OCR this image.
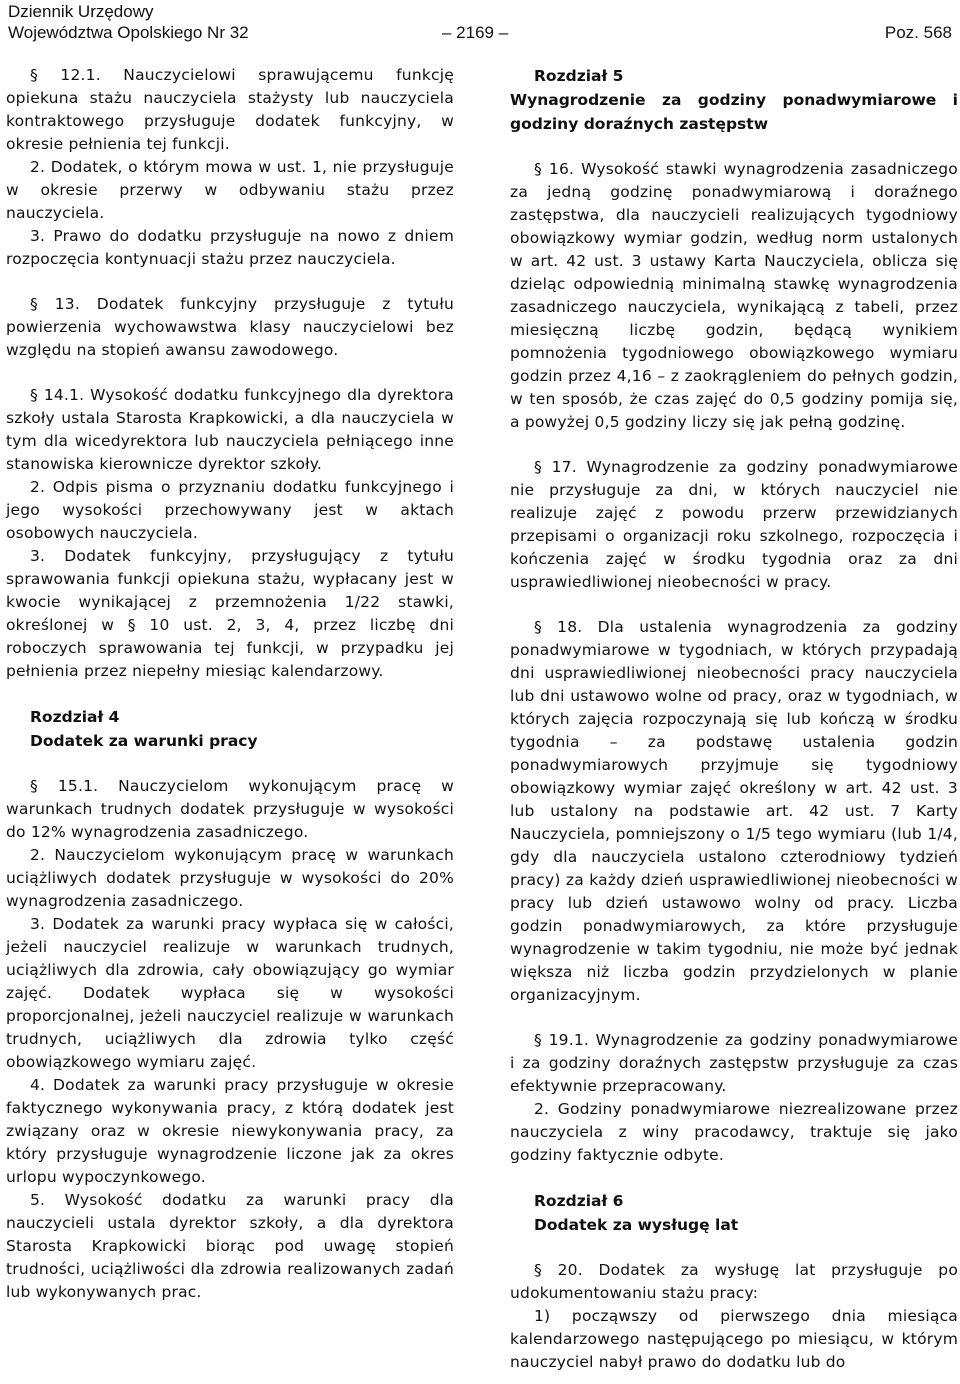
Dziennik Urzędowy
Województwa Opolskiego Nr 32	– 2169 –	Poz. 568

§ 12.1. Nauczycielowi sprawującemu funkcję opiekuna stażu nauczyciela stażysty lub nauczyciela kontraktowego przysługuje dodatek funkcyjny, w okresie pełnienia tej funkcji.

2. Dodatek, o którym mowa w ust. 1, nie przysługuje w okresie przerwy w odbywaniu stażu przez nauczyciela.

3. Prawo do dodatku przysługuje na nowo z dniem rozpoczęcia kontynuacji stażu przez nauczyciela.

§ 13. Dodatek funkcyjny przysługuje z tytułu powierzenia wychowawstwa klasy nauczycielowi bez względu na stopień awansu zawodowego.

§ 14.1. Wysokość dodatku funkcyjnego dla dyrektora szkoły ustala Starosta Krapkowicki, a dla nauczyciela w tym dla wicedyrektora lub nauczyciela pełniącego inne stanowiska kierownicze dyrektor szkoły.

2. Odpis pisma o przyznaniu dodatku funkcyjnego i jego wysokości przechowywany jest w aktach osobowych nauczyciela.

3. Dodatek funkcyjny, przysługujący z tytułu sprawowania funkcji opiekuna stażu, wypłacany jest w kwocie wynikającej z przemnożenia 1/22 stawki, określonej w § 10 ust. 2, 3, 4, przez liczbę dni roboczych sprawowania tej funkcji, w przypadku jej pełnienia przez niepełny miesiąc kalendarzowy.

Rozdział 4

Dodatek za warunki pracy

§ 15.1. Nauczycielom wykonującym pracę w warunkach trudnych dodatek przysługuje w wysokości do 12% wynagrodzenia zasadniczego.

2. Nauczycielom wykonującym pracę w warunkach uciążliwych dodatek przysługuje w wysokości do 20% wynagrodzenia zasadniczego.

3. Dodatek za warunki pracy wypłaca się w całości, jeżeli nauczyciel realizuje w warunkach trudnych, uciążliwych dla zdrowia, cały obowiązujący go wymiar zajęć. Dodatek wypłaca się w wysokości proporcjonalnej, jeżeli nauczyciel realizuje w warunkach trudnych, uciążliwych dla zdrowia tylko część obowiązkowego wymiaru zajęć.

4. Dodatek za warunki pracy przysługuje w okresie faktycznego wykonywania pracy, z którą dodatek jest związany oraz w okresie niewykonywania pracy, za który przysługuje wynagrodzenie liczone jak za okres urlopu wypoczynkowego.

5. Wysokość dodatku za warunki pracy dla nauczycieli ustala dyrektor szkoły, a dla dyrektora Starosta Krapkowicki biorąc pod uwagę stopień trudności, uciążliwości dla zdrowia realizowanych zadań lub wykonywanych prac.

Rozdział 5

Wynagrodzenie za godziny ponadwymiarowe i godziny doraźnych zastępstw

§ 16. Wysokość stawki wynagrodzenia zasadniczego za jedną godzinę ponadwymiarową i doraźnego zastępstwa, dla nauczycieli realizujących tygodniowy obowiązkowy wymiar godzin, według norm ustalonych w art. 42 ust. 3 ustawy Karta Nauczyciela, oblicza się dzieląc odpowiednią minimalną stawkę wynagrodzenia zasadniczego nauczyciela, wynikającą z tabeli, przez miesięczną liczbę godzin, będącą wynikiem pomnożenia tygodniowego obowiązkowego wymiaru godzin przez 4,16 – z zaokrągleniem do pełnych godzin, w ten sposób, że czas zajęć do 0,5 godziny pomija się, a powyżej 0,5 godziny liczy się jak pełną godzinę.

§ 17. Wynagrodzenie za godziny ponadwymiarowe nie przysługuje za dni, w których nauczyciel nie realizuje zajęć z powodu przerw przewidzianych przepisami o organizacji roku szkolnego, rozpoczęcia i kończenia zajęć w środku tygodnia oraz za dni usprawiedliwionej nieobecności w pracy.

§ 18. Dla ustalenia wynagrodzenia za godziny ponadwymiarowe w tygodniach, w których przypadają dni usprawiedliwionej nieobecności pracy nauczyciela lub dni ustawowo wolne od pracy, oraz w tygodniach, w których zajęcia rozpoczynają się lub kończą w środku tygodnia – za podstawę ustalenia godzin ponadwymiarowych przyjmuje się tygodniowy obowiązkowy wymiar zajęć określony w art. 42 ust. 3 lub ustalony na podstawie art. 42 ust. 7 Karty Nauczyciela, pomniejszony o 1/5 tego wymiaru (lub 1/4, gdy dla nauczyciela ustalono czterodniowy tydzień pracy) za każdy dzień usprawiedliwionej nieobecności w pracy lub dzień ustawowo wolny od pracy. Liczba godzin ponadwymiarowych, za które przysługuje wynagrodzenie w takim tygodniu, nie może być jednak większa niż liczba godzin przydzielonych w planie organizacyjnym.

§ 19.1. Wynagrodzenie za godziny ponadwymiarowe i za godziny doraźnych zastępstw przysługuje za czas efektywnie przepracowany.

2. Godziny ponadwymiarowe niezrealizowane przez nauczyciela z winy pracodawcy, traktuje się jako godziny faktycznie odbyte.

Rozdział 6

Dodatek za wysługę lat

§ 20. Dodatek za wysługę lat przysługuje po udokumentowaniu stażu pracy:

1) począwszy od pierwszego dnia miesiąca kalendarzowego następującego po miesiącu, w którym nauczyciel nabył prawo do dodatku lub do
